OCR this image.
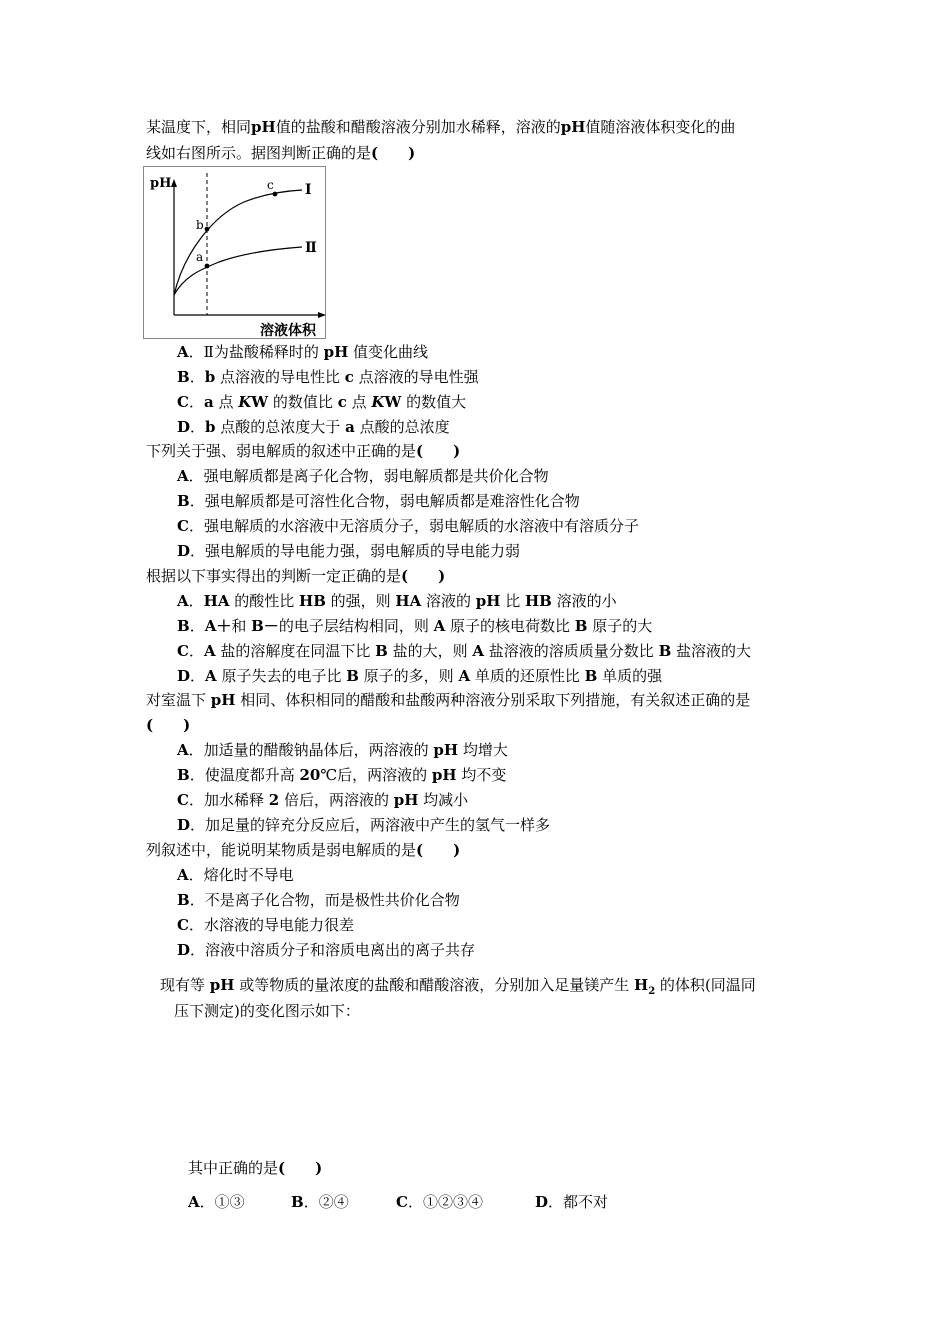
某温度下，相同pH值的盐酸和醋酸溶液分别加水稀释，溶液的pH值随溶液体积变化的曲
线如右图所示。据图判断正确的是(　　)
pH
溶液体积
Ⅰ
Ⅱ
a
b
c
A．Ⅱ为盐酸稀释时的 pH 值变化曲线
B．b 点溶液的导电性比 c 点溶液的导电性强
C．a 点 KW 的数值比 c 点 KW 的数值大
D．b 点酸的总浓度大于 a 点酸的总浓度
下列关于强、弱电解质的叙述中正确的是(　　)
A．强电解质都是离子化合物，弱电解质都是共价化合物
B．强电解质都是可溶性化合物，弱电解质都是难溶性化合物
C．强电解质的水溶液中无溶质分子，弱电解质的水溶液中有溶质分子
D．强电解质的导电能力强，弱电解质的导电能力弱
根据以下事实得出的判断一定正确的是(　　)
A．HA 的酸性比 HB 的强，则 HA 溶液的 pH 比 HB 溶液的小
B．A＋和 B－的电子层结构相同，则 A 原子的核电荷数比 B 原子的大
C．A 盐的溶解度在同温下比 B 盐的大，则 A 盐溶液的溶质质量分数比 B 盐溶液的大
D．A 原子失去的电子比 B 原子的多，则 A 单质的还原性比 B 单质的强
对室温下 pH 相同、体积相同的醋酸和盐酸两种溶液分别采取下列措施，有关叙述正确的是
(　　)
A．加适量的醋酸钠晶体后，两溶液的 pH 均增大
B．使温度都升高 20℃后，两溶液的 pH 均不变
C．加水稀释 2 倍后，两溶液的 pH 均减小
D．加足量的锌充分反应后，两溶液中产生的氢气一样多
列叙述中，能说明某物质是弱电解质的是(　　)
A．熔化时不导电
B．不是离子化合物，而是极性共价化合物
C．水溶液的导电能力很差
D．溶液中溶质分子和溶质电离出的离子共存
现有等 pH 或等物质的量浓度的盐酸和醋酸溶液，分别加入足量镁产生 $H_2$ 的体积(同温同
压下测定)的变化图示如下：
其中正确的是(　　)
A．①③	B．②④	C．①②③④	D．都不对
